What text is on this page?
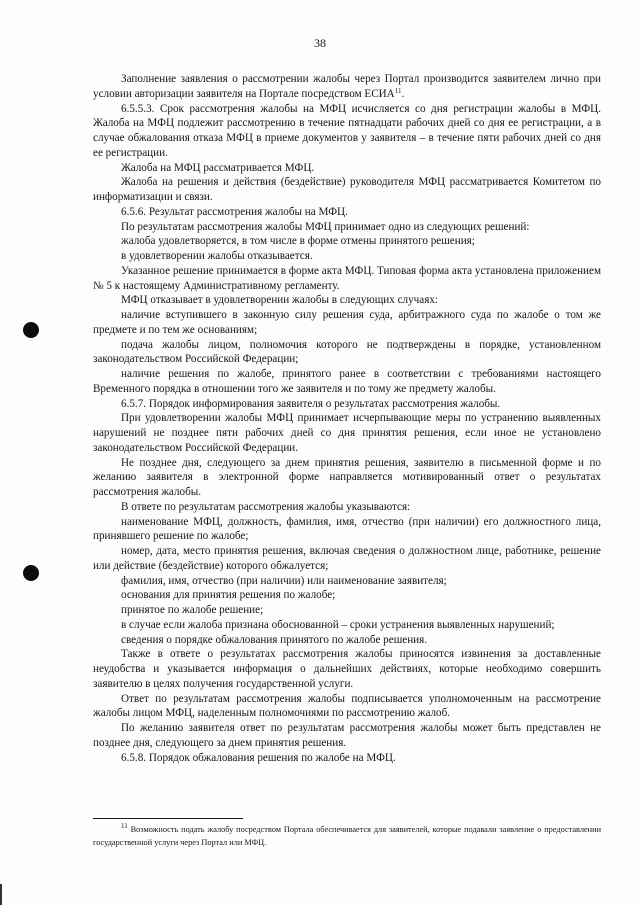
38

Заполнение заявления о рассмотрении жалобы через Портал производится заявителем лично при условии авторизации заявителя на Портале посредством ЕСИА$^{11}$.

6.5.5.3. Срок рассмотрения жалобы на МФЦ исчисляется со дня регистрации жалобы в МФЦ. Жалоба на МФЦ подлежит рассмотрению в течение пятнадцати рабочих дней со дня ее регистрации, а в случае обжалования отказа МФЦ в приеме документов у заявителя – в течение пяти рабочих дней со дня ее регистрации.

Жалоба на МФЦ рассматривается МФЦ.

Жалоба на решения и действия (бездействие) руководителя МФЦ рассматривается Комитетом по информатизации и связи.

6.5.6. Результат рассмотрения жалобы на МФЦ.

По результатам рассмотрения жалобы МФЦ принимает одно из следующих решений:

жалоба удовлетворяется, в том числе в форме отмены принятого решения;

в удовлетворении жалобы отказывается.

Указанное решение принимается в форме акта МФЦ. Типовая форма акта установлена приложением № 5 к настоящему Административному регламенту.

МФЦ отказывает в удовлетворении жалобы в следующих случаях:

наличие вступившего в законную силу решения суда, арбитражного суда по жалобе о том же предмете и по тем же основаниям;

подача жалобы лицом, полномочия которого не подтверждены в порядке, установленном законодательством Российской Федерации;

наличие решения по жалобе, принятого ранее в соответствии с требованиями настоящего Временного порядка в отношении того же заявителя и по тому же предмету жалобы.

6.5.7. Порядок информирования заявителя о результатах рассмотрения жалобы.

При удовлетворении жалобы МФЦ принимает исчерпывающие меры по устранению выявленных нарушений не позднее пяти рабочих дней со дня принятия решения, если иное не установлено законодательством Российской Федерации.

Не позднее дня, следующего за днем принятия решения, заявителю в письменной форме и по желанию заявителя в электронной форме направляется мотивированный ответ о результатах рассмотрения жалобы.

В ответе по результатам рассмотрения жалобы указываются:

наименование МФЦ, должность, фамилия, имя, отчество (при наличии) его должностного лица, принявшего решение по жалобе;

номер, дата, место принятия решения, включая сведения о должностном лице, работнике, решение или действие (бездействие) которого обжалуется;

фамилия, имя, отчество (при наличии) или наименование заявителя;

основания для принятия решения по жалобе;

принятое по жалобе решение;

в случае если жалоба признана обоснованной – сроки устранения выявленных нарушений;

сведения о порядке обжалования принятого по жалобе решения.

Также в ответе о результатах рассмотрения жалобы приносятся извинения за доставленные неудобства и указывается информация о дальнейших действиях, которые необходимо совершить заявителю в целях получения государственной услуги.

Ответ по результатам рассмотрения жалобы подписывается уполномоченным на рассмотрение жалобы лицом МФЦ, наделенным полномочиями по рассмотрению жалоб.

По желанию заявителя ответ по результатам рассмотрения жалобы может быть представлен не позднее дня, следующего за днем принятия решения.

6.5.8. Порядок обжалования решения по жалобе на МФЦ.

$^{11}$ Возможность подать жалобу посредством Портала обеспечивается для заявителей, которые подавали заявление о предоставлении государственной услуги через Портал или МФЦ.
